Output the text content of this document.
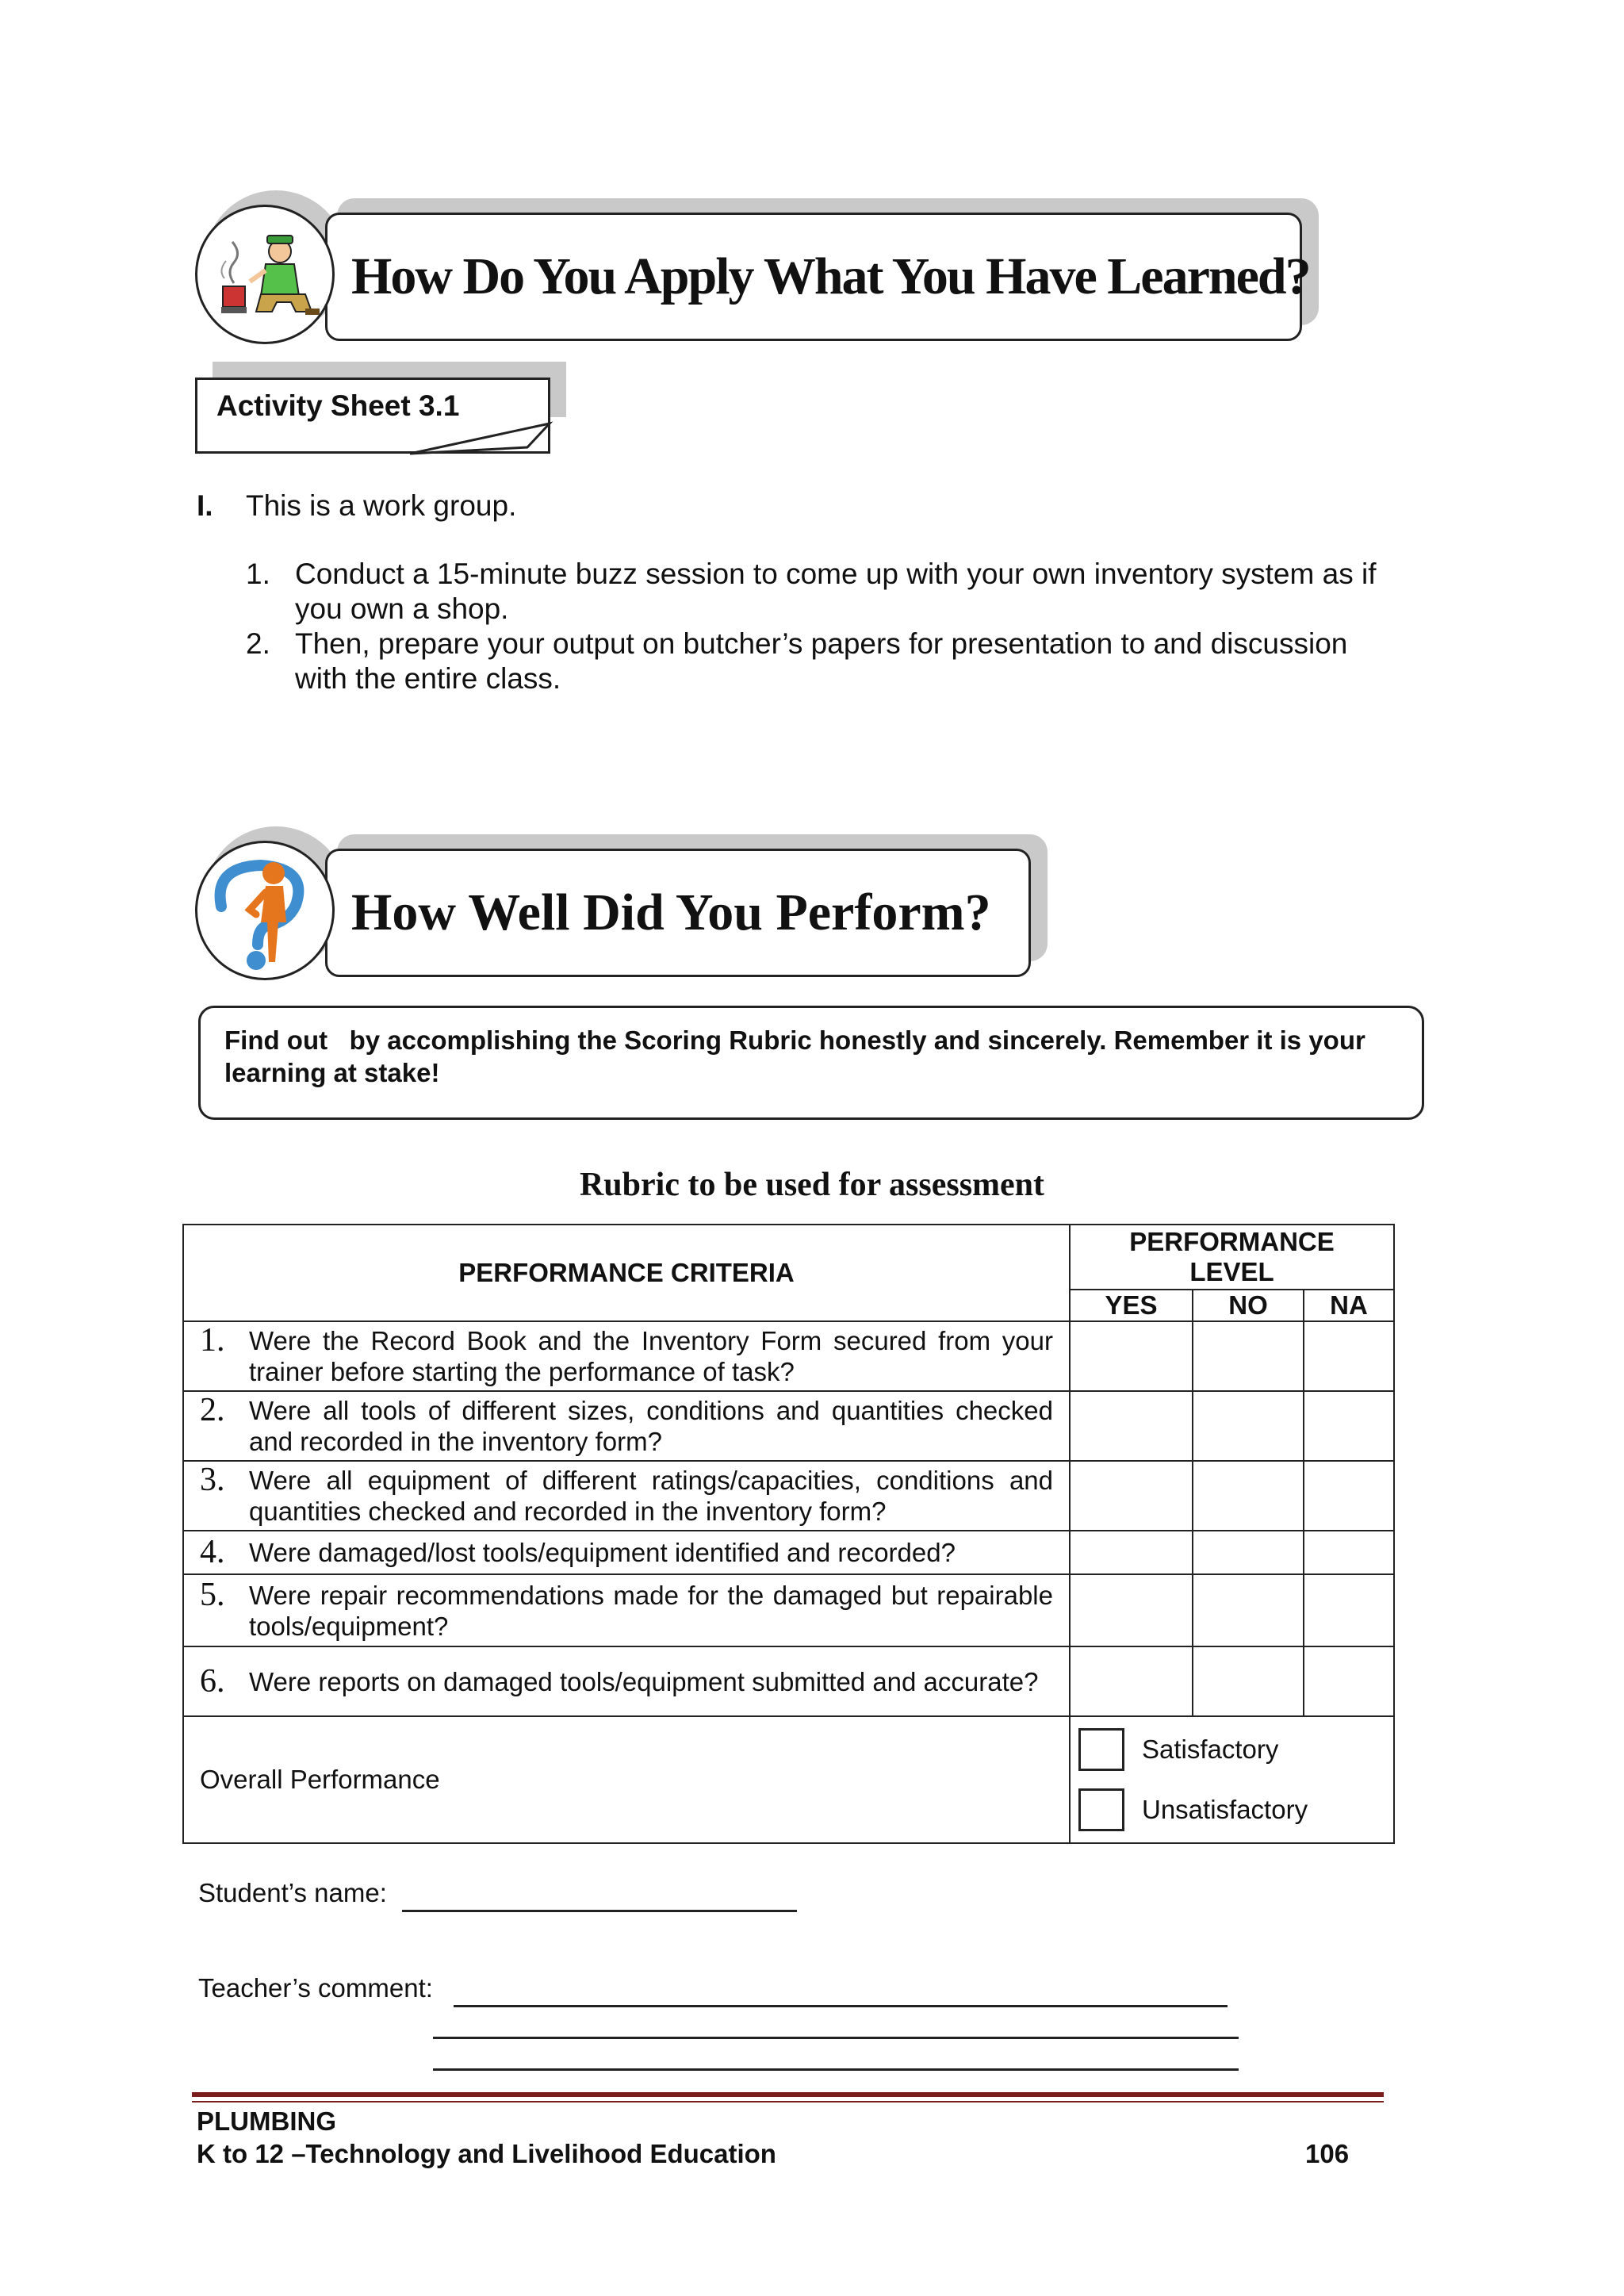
How Do You Apply What You Have Learned?
Activity Sheet 3.1
I. This is a work group.
1. Conduct a 15-minute buzz session to come up with your own inventory system as if you own a shop.
2. Then, prepare your output on butcher’s papers for presentation to and discussion with the entire class.
How Well Did You Perform?
Find out   by accomplishing the Scoring Rubric honestly and sincerely. Remember it is your learning at stake!
Rubric to be used for assessment
PERFORMANCE CRITERIA	PERFORMANCE LEVEL		
	YES	NO	NA

1. Were the Record Book and the Inventory Form secured from your trainer before starting the performance of task?			

2. Were all tools of different sizes, conditions and quantities checked and recorded in the inventory form?			

3. Were all equipment of different ratings/capacities, conditions and quantities checked and recorded in the inventory form?			

4. Were damaged/lost tools/equipment identified and recorded?			

5. Were repair recommendations made for the damaged but repairable tools/equipment?			

6. Were reports on damaged tools/equipment submitted and accurate?			

Overall Performance	Satisfactory
Unsatisfactory		
Student’s name:
Teacher’s comment:
PLUMBING
K to 12 –Technology and Livelihood Education	106
